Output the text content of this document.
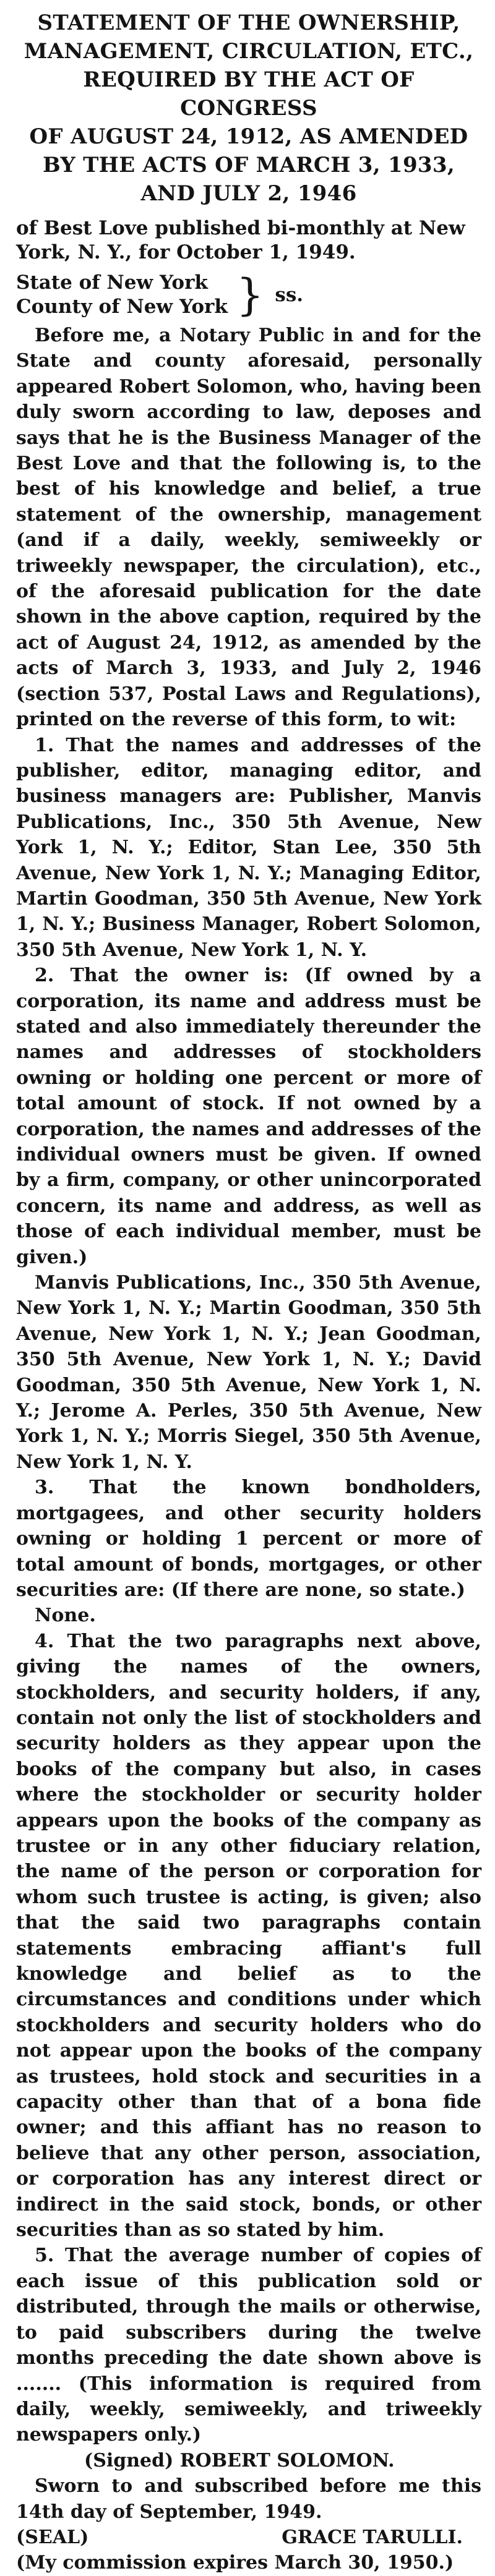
STATEMENT OF THE OWNERSHIP,
MANAGEMENT, CIRCULATION, ETC.,
REQUIRED BY THE ACT OF CONGRESS
OF AUGUST 24, 1912, AS AMENDED
BY THE ACTS OF MARCH 3, 1933,
AND JULY 2, 1946

of Best Love published bi-monthly at New York, N. Y., for October 1, 1949.

State of New York
County of New York } ss.

Before me, a Notary Public in and for the State and county aforesaid, personally appeared Robert Solomon, who, having been duly sworn according to law, deposes and says that he is the Business Manager of the Best Love and that the following is, to the best of his knowledge and belief, a true statement of the ownership, management (and if a daily, weekly, semiweekly or triweekly newspaper, the circulation), etc., of the aforesaid publication for the date shown in the above caption, required by the act of August 24, 1912, as amended by the acts of March 3, 1933, and July 2, 1946 (section 537, Postal Laws and Regulations), printed on the reverse of this form, to wit:

1. That the names and addresses of the publisher, editor, managing editor, and business managers are: Publisher, Manvis Publications, Inc., 350 5th Avenue, New York 1, N. Y.; Editor, Stan Lee, 350 5th Avenue, New York 1, N. Y.; Managing Editor, Martin Goodman, 350 5th Avenue, New York 1, N. Y.; Business Manager, Robert Solomon, 350 5th Avenue, New York 1, N. Y.

2. That the owner is: (If owned by a corporation, its name and address must be stated and also immediately thereunder the names and addresses of stockholders owning or holding one percent or more of total amount of stock. If not owned by a corporation, the names and addresses of the individual owners must be given. If owned by a firm, company, or other unincorporated concern, its name and address, as well as those of each individual member, must be given.)

Manvis Publications, Inc., 350 5th Avenue, New York 1, N. Y.; Martin Goodman, 350 5th Avenue, New York 1, N. Y.; Jean Goodman, 350 5th Avenue, New York 1, N. Y.; David Goodman, 350 5th Avenue, New York 1, N. Y.; Jerome A. Perles, 350 5th Avenue, New York 1, N. Y.; Morris Siegel, 350 5th Avenue, New York 1, N. Y.

3. That the known bondholders, mortgagees, and other security holders owning or holding 1 percent or more of total amount of bonds, mortgages, or other securities are: (If there are none, so state.)

None.

4. That the two paragraphs next above, giving the names of the owners, stockholders, and security holders, if any, contain not only the list of stockholders and security holders as they appear upon the books of the company but also, in cases where the stockholder or security holder appears upon the books of the company as trustee or in any other fiduciary relation, the name of the person or corporation for whom such trustee is acting, is given; also that the said two paragraphs contain statements embracing affiant's full knowledge and belief as to the circumstances and conditions under which stockholders and security holders who do not appear upon the books of the company as trustees, hold stock and securities in a capacity other than that of a bona fide owner; and this affiant has no reason to believe that any other person, association, or corporation has any interest direct or indirect in the said stock, bonds, or other securities than as so stated by him.

5. That the average number of copies of each issue of this publication sold or distributed, through the mails or otherwise, to paid subscribers during the twelve months preceding the date shown above is ....... (This information is required from daily, weekly, semiweekly, and triweekly newspapers only.)

(Signed) ROBERT SOLOMON.

Sworn to and subscribed before me this 14th day of September, 1949.

(SEAL)	GRACE TARULLI.

(My commission expires March 30, 1950.)
